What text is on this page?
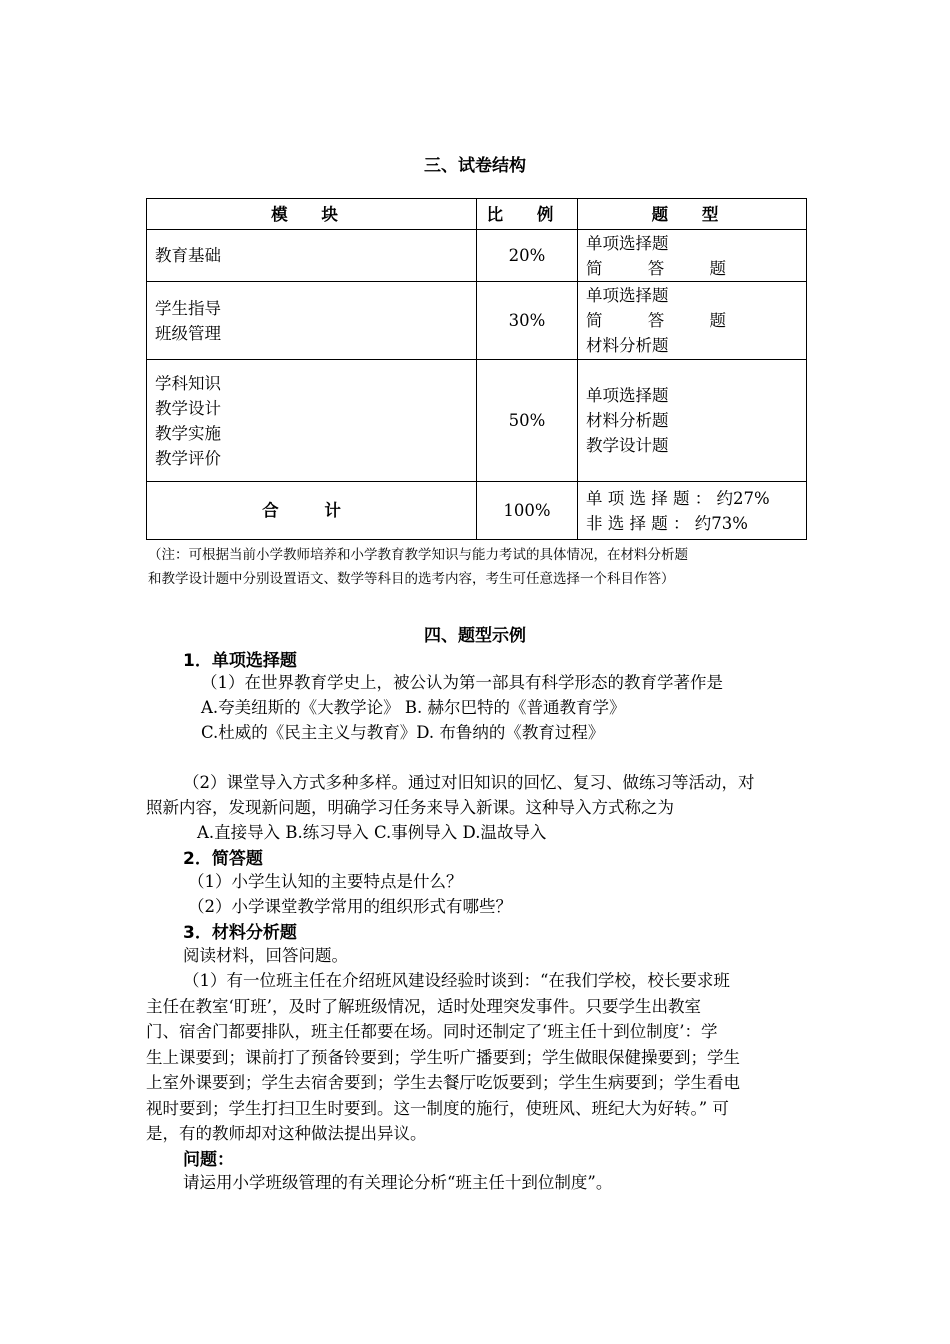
三、试卷结构
模 块	比 例	题 型

教育基础	20%	单项选择题
简 答 题

学生指导
班级管理	30%	单项选择题
简 答 题
材料分析题

学科知识
教学设计
教学实施
教学评价	50%	单项选择题
材料分析题
教学设计题

合 计	100%	单 项 选 择 题 ： 约27%
非 选 择 题 ： 约73%
（注：可根据当前小学教师培养和小学教育教学知识与能力考试的具体情况，在材料分析题
和教学设计题中分别设置语文、数学等科目的选考内容，考生可任意选择一个科目作答）
四、题型示例
1．单项选择题
（1）在世界教育学史上，被公认为第一部具有科学形态的教育学著作是
A.夸美纽斯的《大教学论》 B. 赫尔巴特的《普通教育学》
C.杜威的《民主主义与教育》D. 布鲁纳的《教育过程》
（2）课堂导入方式多种多样。通过对旧知识的回忆、复习、做练习等活动，对
照新内容，发现新问题，明确学习任务来导入新课。这种导入方式称之为
A.直接导入 B.练习导入 C.事例导入 D.温故导入
2．简答题
（1）小学生认知的主要特点是什么？
（2）小学课堂教学常用的组织形式有哪些？
3．材料分析题
阅读材料，回答问题。
（1）有一位班主任在介绍班风建设经验时谈到：“在我们学校，校长要求班
主任在教室‘盯班’，及时了解班级情况，适时处理突发事件。只要学生出教室
门、宿舍门都要排队，班主任都要在场。同时还制定了‘班主任十到位制度’：学
生上课要到；课前打了预备铃要到；学生听广播要到；学生做眼保健操要到；学生
上室外课要到；学生去宿舍要到；学生去餐厅吃饭要到；学生生病要到；学生看电
视时要到；学生打扫卫生时要到。这一制度的施行，使班风、班纪大为好转。” 可
是，有的教师却对这种做法提出异议。
问题：
请运用小学班级管理的有关理论分析“班主任十到位制度”。
